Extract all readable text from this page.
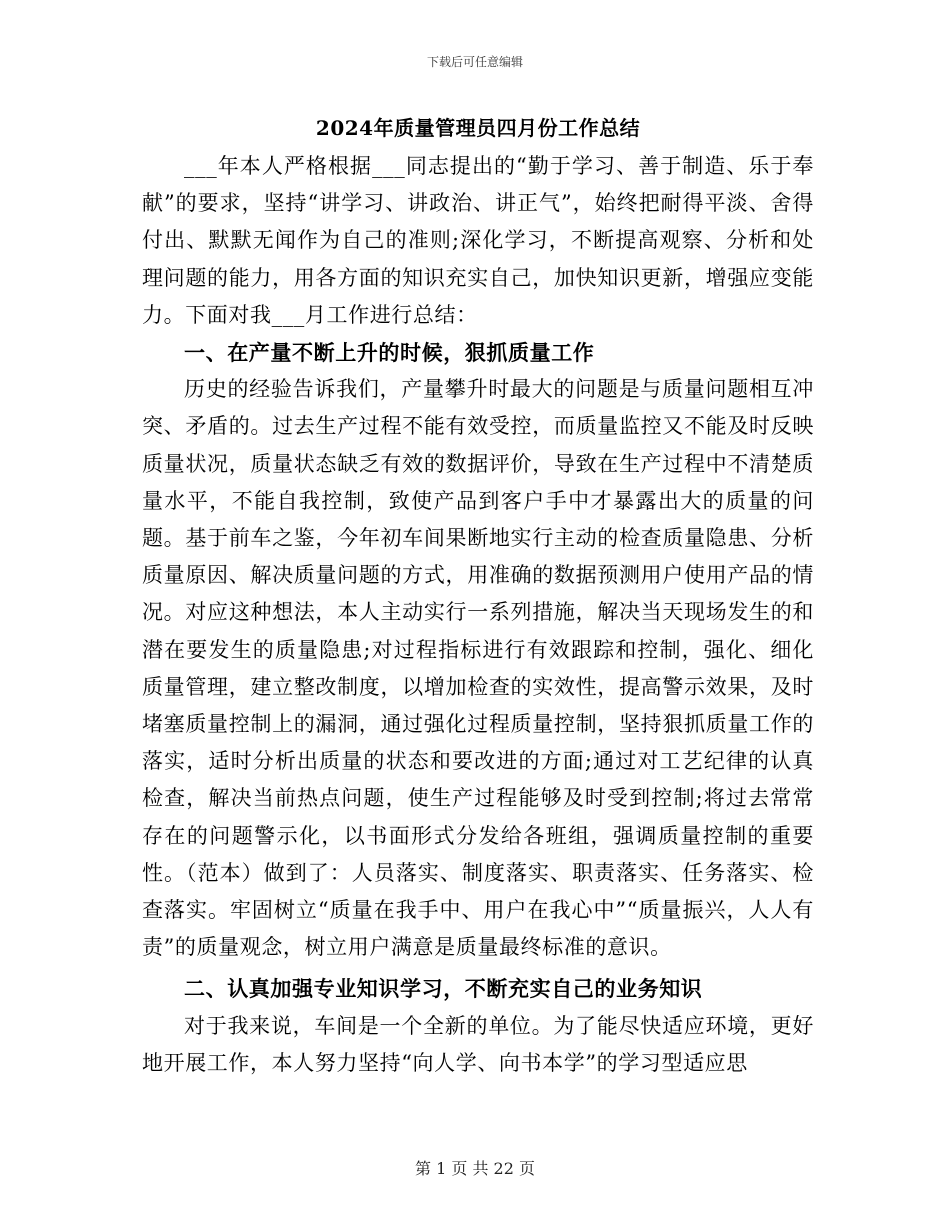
下载后可任意编辑
2024年质量管理员四月份工作总结

___年本人严格根据___同志提出的“勤于学习、善于制造、乐于奉献”的要求，坚持“讲学习、讲政治、讲正气”，始终把耐得平淡、舍得付出、默默无闻作为自己的准则;深化学习，不断提高观察、分析和处理问题的能力，用各方面的知识充实自己，加快知识更新，增强应变能力。下面对我___月工作进行总结：

一、在产量不断上升的时候，狠抓质量工作

历史的经验告诉我们，产量攀升时最大的问题是与质量问题相互冲突、矛盾的。过去生产过程不能有效受控，而质量监控又不能及时反映质量状况，质量状态缺乏有效的数据评价，导致在生产过程中不清楚质量水平，不能自我控制，致使产品到客户手中才暴露出大的质量的问题。基于前车之鉴，今年初车间果断地实行主动的检查质量隐患、分析质量原因、解决质量问题的方式，用准确的数据预测用户使用产品的情况。对应这种想法，本人主动实行一系列措施，解决当天现场发生的和潜在要发生的质量隐患;对过程指标进行有效跟踪和控制，强化、细化质量管理，建立整改制度，以增加检查的实效性，提高警示效果，及时堵塞质量控制上的漏洞，通过强化过程质量控制，坚持狠抓质量工作的落实，适时分析出质量的状态和要改进的方面;通过对工艺纪律的认真检查，解决当前热点问题，使生产过程能够及时受到控制;将过去常常存在的问题警示化，以书面形式分发给各班组，强调质量控制的重要性。（范本）做到了：人员落实、制度落实、职责落实、任务落实、检查落实。牢固树立“质量在我手中、用户在我心中”“质量振兴，人人有责”的质量观念，树立用户满意是质量最终标准的意识。

二、认真加强专业知识学习，不断充实自己的业务知识

对于我来说，车间是一个全新的单位。为了能尽快适应环境，更好地开展工作，本人努力坚持“向人学、向书本学”的学习型适应思

第 1 页 共 22 页
